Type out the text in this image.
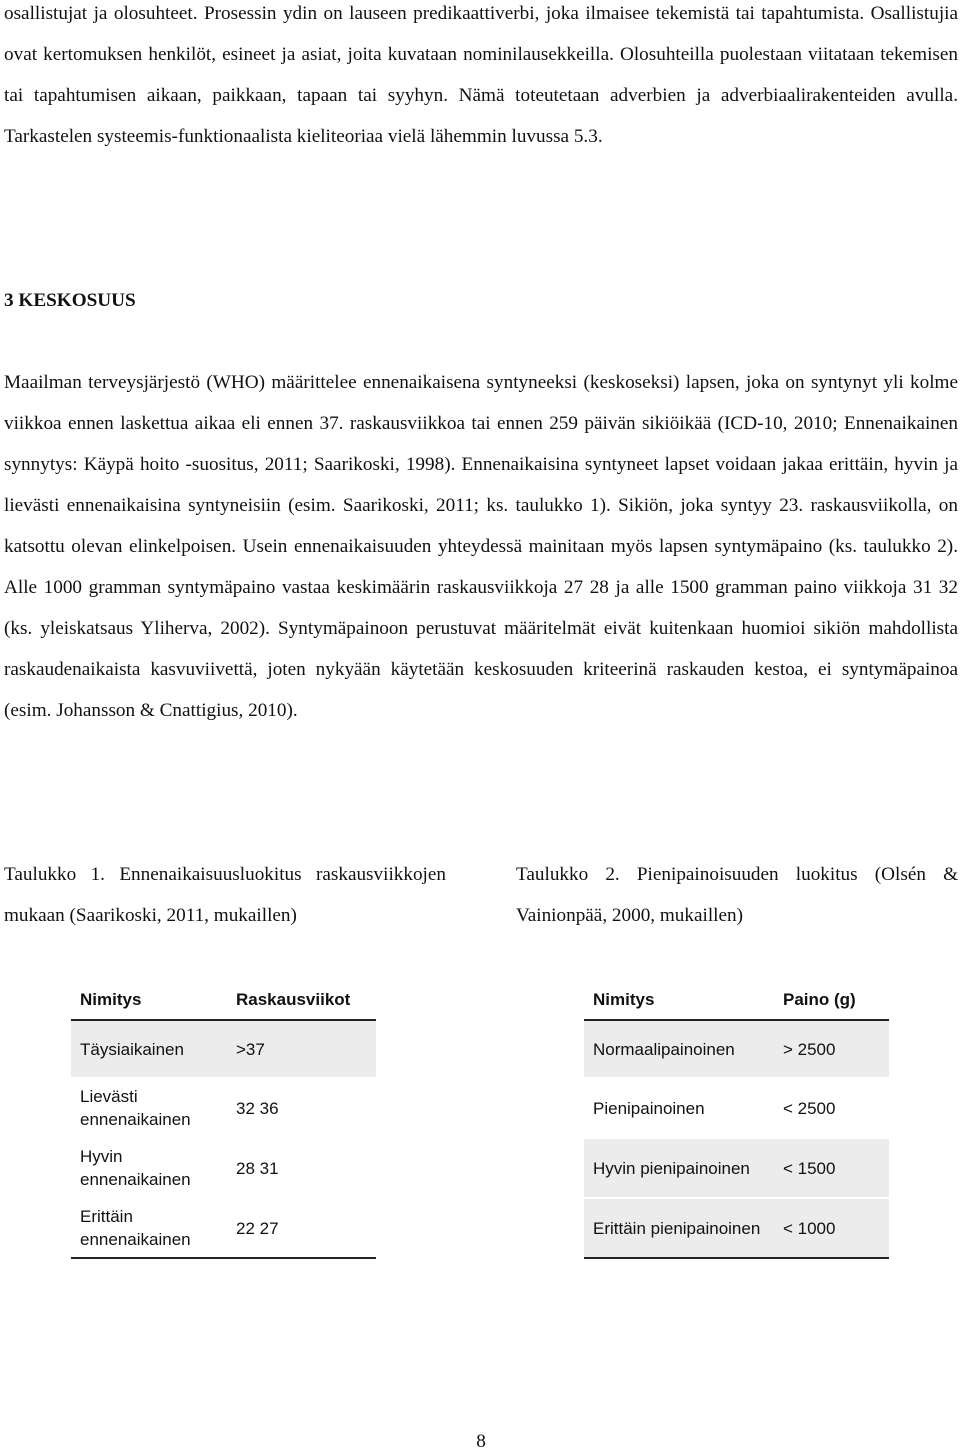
osallistujat ja olosuhteet. Prosessin ydin on lauseen predikaattiverbi, joka ilmaisee tekemistä tai tapahtumista. Osallistujia ovat kertomuksen henkilöt, esineet ja asiat, joita kuvataan nominilausekkeilla. Olosuhteilla puolestaan viitataan tekemisen tai tapahtumisen aikaan, paikkaan, tapaan tai syyhyn. Nämä toteutetaan adverbien ja adverbiaalirakenteiden avulla. Tarkastelen systeemis-funktionaalista kieliteoriaa vielä lähemmin luvussa 5.3.

3 KESKOSUUS

Maailman terveysjärjestö (WHO) määrittelee ennenaikaisena syntyneeksi (keskoseksi) lapsen, joka on syntynyt yli kolme viikkoa ennen laskettua aikaa eli ennen 37. raskausviikkoa tai ennen 259 päivän sikiöikää (ICD-10, 2010; Ennenaikainen synnytys: Käypä hoito -suositus, 2011; Saarikoski, 1998). Ennenaikaisina syntyneet lapset voidaan jakaa erittäin, hyvin ja lievästi ennenaikaisina syntyneisiin (esim. Saarikoski, 2011; ks. taulukko 1). Sikiön, joka syntyy 23. raskausviikolla, on katsottu olevan elinkelpoisen. Usein ennenaikaisuuden yhteydessä mainitaan myös lapsen syntymäpaino (ks. taulukko 2). Alle 1000 gramman syntymäpaino vastaa keskimäärin raskausviikkoja 27 28 ja alle 1500 gramman paino viikkoja 31 32 (ks. yleiskatsaus Yliherva, 2002). Syntymäpainoon perustuvat määritelmät eivät kuitenkaan huomioi sikiön mahdollista raskaudenaikaista kasvuviivettä, joten nykyään käytetään keskosuuden kriteerinä raskauden kestoa, ei syntymäpainoa (esim. Johansson & Cnattigius, 2010).

Taulukko 1. Ennenaikaisuusluokitus raskausviikkojen mukaan (Saarikoski, 2011, mukaillen)

Taulukko 2. Pienipainoisuuden luokitus (Olsén & Vainionpää, 2000, mukaillen)

Nimitys	Raskausviikot
Täysiaikainen	>37
Lievästi ennenaikainen	32 36
Hyvin ennenaikainen	28 31
Erittäin ennenaikainen	22 27
Nimitys	Paino (g)
Normaalipainoinen	> 2500
Pienipainoinen	< 2500
Hyvin pienipainoinen	< 1500
Erittäin pienipainoinen	< 1000

8
